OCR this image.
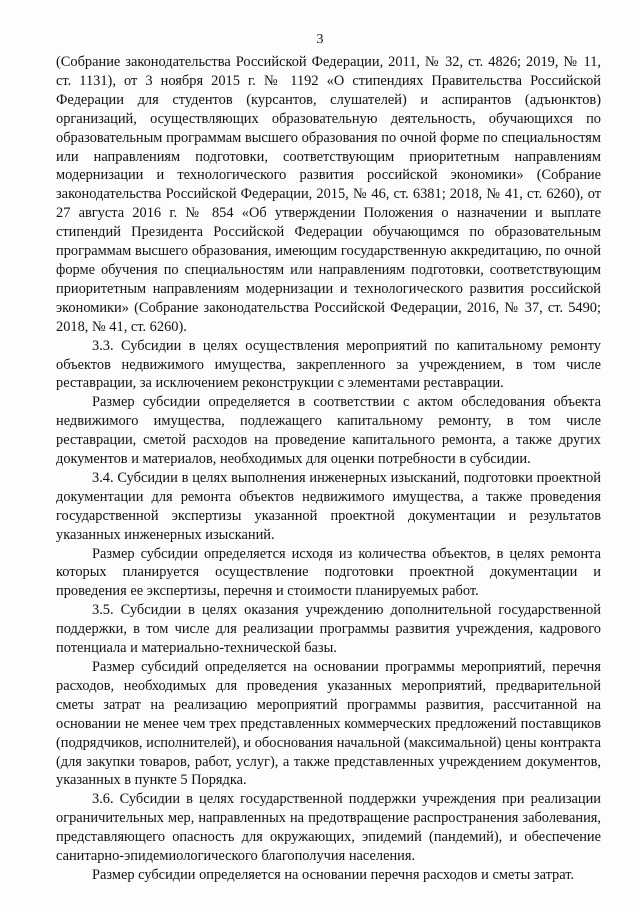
3

(Собрание законодательства Российской Федерации, 2011, № 32, ст. 4826; 2019, № 11, ст. 1131), от 3 ноября 2015 г. № 1192 «О стипендиях Правительства Российской Федерации для студентов (курсантов, слушателей) и аспирантов (адъюнктов) организаций, осуществляющих образовательную деятельность, обучающихся по образовательным программам высшего образования по очной форме по специальностям или направлениям подготовки, соответствующим приоритетным направлениям модернизации и технологического развития российской экономики» (Собрание законодательства Российской Федерации, 2015, № 46, ст. 6381; 2018, № 41, ст. 6260), от 27 августа 2016 г. № 854 «Об утверждении Положения о назначении и выплате стипендий Президента Российской Федерации обучающимся по образовательным программам высшего образования, имеющим государственную аккредитацию, по очной форме обучения по специальностям или направлениям подготовки, соответствующим приоритетным направлениям модернизации и технологического развития российской экономики» (Собрание законодательства Российской Федерации, 2016, № 37, ст. 5490; 2018, № 41, ст. 6260).

3.3. Субсидии в целях осуществления мероприятий по капитальному ремонту объектов недвижимого имущества, закрепленного за учреждением, в том числе реставрации, за исключением реконструкции с элементами реставрации.

Размер субсидии определяется в соответствии с актом обследования объекта недвижимого имущества, подлежащего капитальному ремонту, в том числе реставрации, сметой расходов на проведение капитального ремонта, а также других документов и материалов, необходимых для оценки потребности в субсидии.

3.4. Субсидии в целях выполнения инженерных изысканий, подготовки проектной документации для ремонта объектов недвижимого имущества, а также проведения государственной экспертизы указанной проектной документации и результатов указанных инженерных изысканий.

Размер субсидии определяется исходя из количества объектов, в целях ремонта которых планируется осуществление подготовки проектной документации и проведения ее экспертизы, перечня и стоимости планируемых работ.

3.5. Субсидии в целях оказания учреждению дополнительной государственной поддержки, в том числе для реализации программы развития учреждения, кадрового потенциала и материально-технической базы.

Размер субсидий определяется на основании программы мероприятий, перечня расходов, необходимых для проведения указанных мероприятий, предварительной сметы затрат на реализацию мероприятий программы развития, рассчитанной на основании не менее чем трех представленных коммерческих предложений поставщиков (подрядчиков, исполнителей), и обоснования начальной (максимальной) цены контракта (для закупки товаров, работ, услуг), а также представленных учреждением документов, указанных в пункте 5 Порядка.

3.6. Субсидии в целях государственной поддержки учреждения при реализации ограничительных мер, направленных на предотвращение распространения заболевания, представляющего опасность для окружающих, эпидемий (пандемий), и обеспечение санитарно-эпидемиологического благополучия населения.

Размер субсидии определяется на основании перечня расходов и сметы затрат.
